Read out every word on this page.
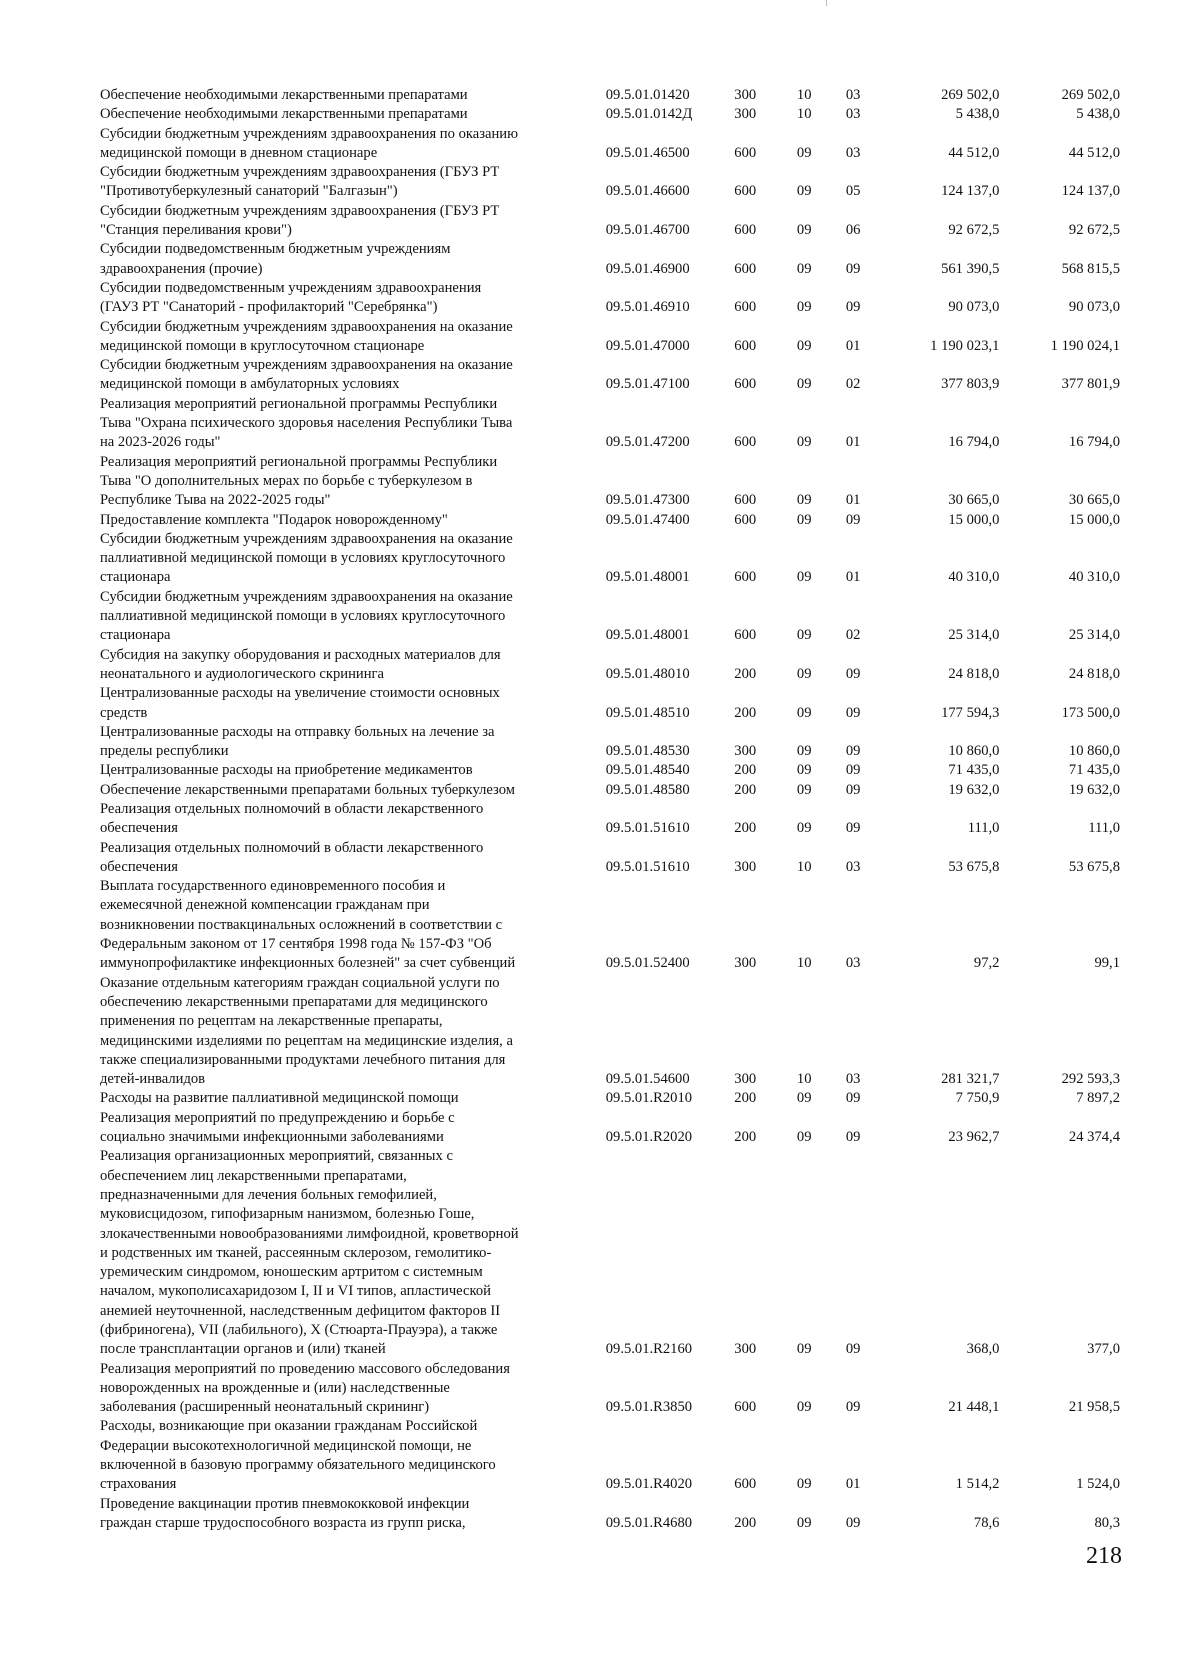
Обеспечение необходимыми лекарственными препаратами	09.5.01.01420	300	10	03	269 502,0	269 502,0
Обеспечение необходимыми лекарственными препаратами	09.5.01.0142Д	300	10	03	5 438,0	5 438,0
Субсидии бюджетным учреждениям здравоохранения по оказанию
медицинской помощи в дневном стационаре	09.5.01.46500	600	09	03	44 512,0	44 512,0
Субсидии бюджетным учреждениям здравоохранения (ГБУЗ РТ
"Противотуберкулезный санаторий "Балгазын")	09.5.01.46600	600	09	05	124 137,0	124 137,0
Субсидии бюджетным учреждениям здравоохранения (ГБУЗ РТ
"Станция переливания крови")	09.5.01.46700	600	09	06	92 672,5	92 672,5
Субсидии подведомственным бюджетным учреждениям
здравоохранения (прочие)	09.5.01.46900	600	09	09	561 390,5	568 815,5
Субсидии подведомственным учреждениям здравоохранения
(ГАУЗ РТ "Санаторий - профилакторий "Серебрянка")	09.5.01.46910	600	09	09	90 073,0	90 073,0
Субсидии бюджетным учреждениям здравоохранения на оказание
медицинской помощи в круглосуточном стационаре	09.5.01.47000	600	09	01	1 190 023,1	1 190 024,1
Субсидии бюджетным учреждениям здравоохранения на оказание
медицинской помощи в амбулаторных условиях	09.5.01.47100	600	09	02	377 803,9	377 801,9
Реализация мероприятий региональной программы Республики
Тыва "Охрана психического здоровья населения Республики Тыва
на 2023-2026 годы"	09.5.01.47200	600	09	01	16 794,0	16 794,0
Реализация мероприятий региональной программы Республики
Тыва "О дополнительных мерах по борьбе с туберкулезом в
Республике Тыва на 2022-2025 годы"	09.5.01.47300	600	09	01	30 665,0	30 665,0
Предоставление комплекта "Подарок новорожденному"	09.5.01.47400	600	09	09	15 000,0	15 000,0
Субсидии бюджетным учреждениям здравоохранения на оказание
паллиативной медицинской помощи в условиях круглосуточного
стационара	09.5.01.48001	600	09	01	40 310,0	40 310,0
Субсидии бюджетным учреждениям здравоохранения на оказание
паллиативной медицинской помощи в условиях круглосуточного
стационара	09.5.01.48001	600	09	02	25 314,0	25 314,0
Субсидия на закупку оборудования и расходных материалов для
неонатального и аудиологического скрининга	09.5.01.48010	200	09	09	24 818,0	24 818,0
Централизованные расходы на увеличение стоимости основных
средств	09.5.01.48510	200	09	09	177 594,3	173 500,0
Централизованные расходы на отправку больных на лечение за
пределы республики	09.5.01.48530	300	09	09	10 860,0	10 860,0
Централизованные расходы на приобретение медикаментов	09.5.01.48540	200	09	09	71 435,0	71 435,0
Обеспечение лекарственными препаратами больных туберкулезом	09.5.01.48580	200	09	09	19 632,0	19 632,0
Реализация отдельных полномочий в области лекарственного
обеспечения	09.5.01.51610	200	09	09	111,0	111,0
Реализация отдельных полномочий в области лекарственного
обеспечения	09.5.01.51610	300	10	03	53 675,8	53 675,8
Выплата государственного единовременного пособия и
ежемесячной денежной компенсации гражданам при
возникновении поствакцинальных осложнений в соответствии с
Федеральным законом от 17 сентября 1998 года № 157-ФЗ "Об
иммунопрофилактике инфекционных болезней" за счет субвенций	09.5.01.52400	300	10	03	97,2	99,1
Оказание отдельным категориям граждан социальной услуги по
обеспечению лекарственными препаратами для медицинского
применения по рецептам на лекарственные препараты,
медицинскими изделиями по рецептам на медицинские изделия, а
также специализированными продуктами лечебного питания для
детей-инвалидов	09.5.01.54600	300	10	03	281 321,7	292 593,3
Расходы на развитие паллиативной медицинской помощи	09.5.01.R2010	200	09	09	7 750,9	7 897,2
Реализация мероприятий по предупреждению и борьбе с
социально значимыми инфекционными заболеваниями	09.5.01.R2020	200	09	09	23 962,7	24 374,4
Реализация организационных мероприятий, связанных с
обеспечением лиц лекарственными препаратами,
предназначенными для лечения больных гемофилией,
муковисцидозом, гипофизарным нанизмом, болезнью Гоше,
злокачественными новообразованиями лимфоидной, кроветворной
и родственных им тканей, рассеянным склерозом, гемолитико-
уремическим синдромом, юношеским артритом с системным
началом, мукополисахаридозом I, II и VI типов, апластической
анемией неуточненной, наследственным дефицитом факторов II
(фибриногена), VII (лабильного), X (Стюарта-Прауэра), а также
после трансплантации органов и (или) тканей	09.5.01.R2160	300	09	09	368,0	377,0
Реализация мероприятий по проведению массового обследования
новорожденных на врожденные и (или) наследственные
заболевания (расширенный неонатальный скрининг)	09.5.01.R3850	600	09	09	21 448,1	21 958,5
Расходы, возникающие при оказании гражданам Российской
Федерации высокотехнологичной медицинской помощи, не
включенной в базовую программу обязательного медицинского
страхования	09.5.01.R4020	600	09	01	1 514,2	1 524,0
Проведение вакцинации против пневмококковой инфекции
граждан старше трудоспособного возраста из групп риска,	09.5.01.R4680	200	09	09	78,6	80,3
218
